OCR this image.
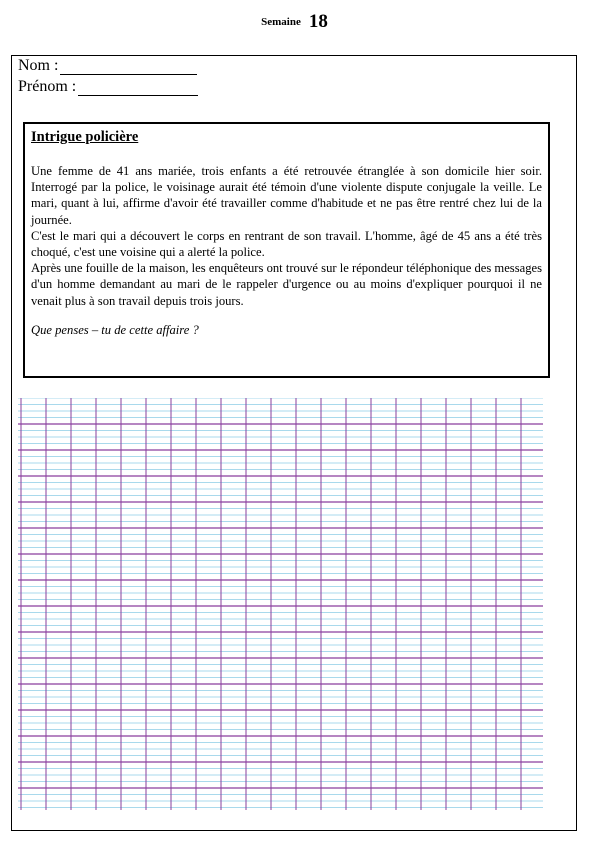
Semaine 18
Nom :
Prénom :
Intrigue policière

Une femme de 41 ans mariée, trois enfants a été retrouvée étranglée à son domicile hier soir. Interrogé par la police, le voisinage aurait été témoin d'une violente dispute conjugale la veille. Le mari, quant à lui, affirme d'avoir été travailler comme d'habitude et ne pas être rentré chez lui de la journée.

C'est le mari qui a découvert le corps en rentrant de son travail. L'homme, âgé de 45 ans a été très choqué, c'est une voisine qui a alerté la police.

Après une fouille de la maison, les enquêteurs ont trouvé sur le répondeur téléphonique des messages d'un homme demandant au mari de le rappeler d'urgence ou au moins d'expliquer pourquoi il ne venait plus à son travail depuis trois jours.

Que penses – tu de cette affaire ?
